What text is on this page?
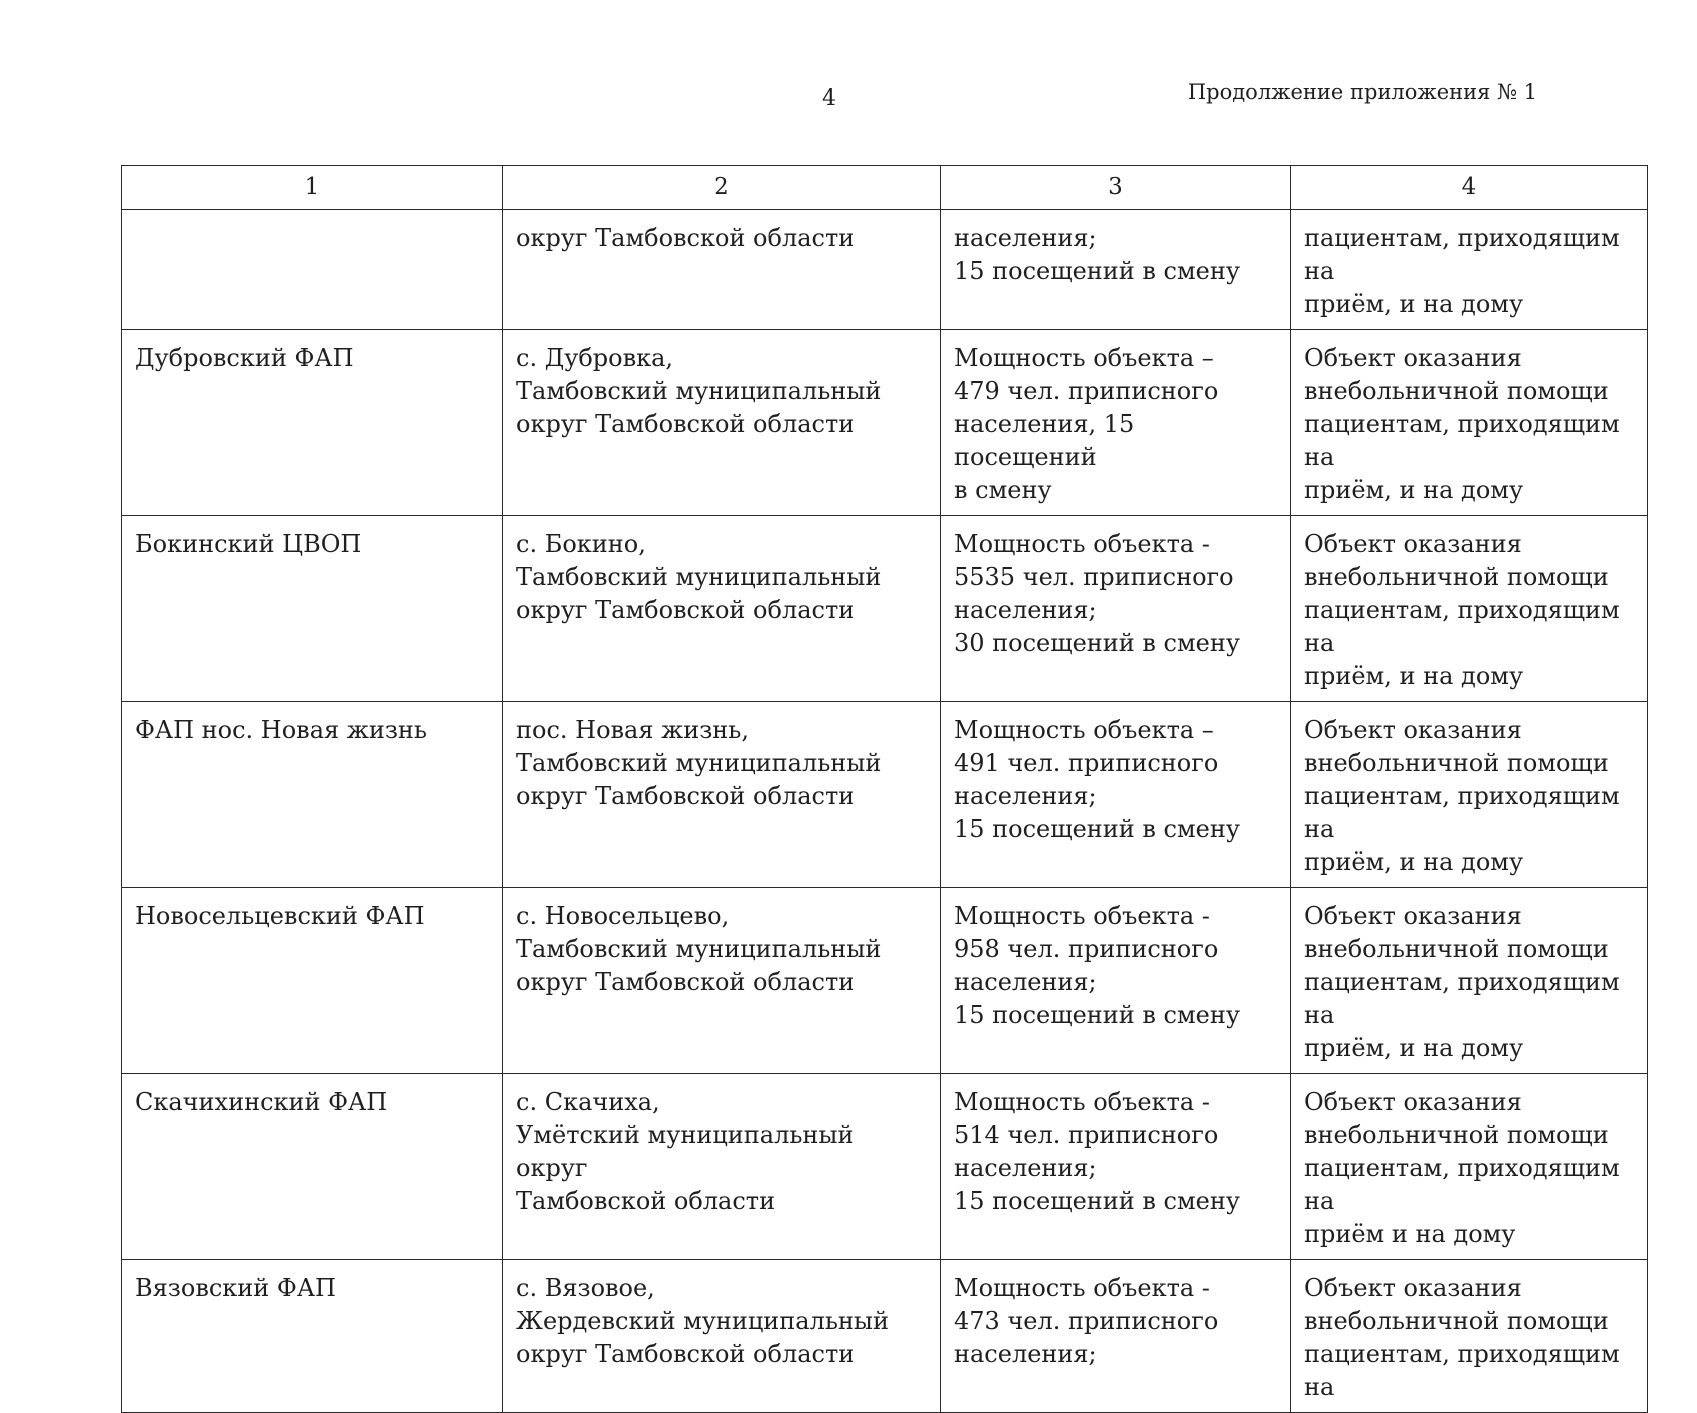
4	Продолжение приложения № 1
1	2	3	4
	округ Тамбовской области	населения;
15 посещений в смену	пациентам, приходящим на
приём, и на дому
Дубровский ФАП	с. Дубровка,
Тамбовский муниципальный
округ Тамбовской области	Мощность объекта –
479 чел. приписного
населения, 15 посещений
в смену	Объект оказания
внебольничной помощи
пациентам, приходящим на
приём, и на дому
Бокинский ЦВОП	с. Бокино,
Тамбовский муниципальный
округ Тамбовской области	Мощность объекта -
5535 чел. приписного
населения;
30 посещений в смену	Объект оказания
внебольничной помощи
пациентам, приходящим на
приём, и на дому
ФАП нос. Новая жизнь	пос. Новая жизнь,
Тамбовский муниципальный
округ Тамбовской области	Мощность объекта –
491 чел. приписного
населения;
15 посещений в смену	Объект оказания
внебольничной помощи
пациентам, приходящим на
приём, и на дому
Новосельцевский ФАП	с. Новосельцево,
Тамбовский муниципальный
округ Тамбовской области	Мощность объекта -
958 чел. приписного
населения;
15 посещений в смену	Объект оказания
внебольничной помощи
пациентам, приходящим на
приём, и на дому
Скачихинский ФАП	с. Скачиха,
Умётский муниципальный округ
Тамбовской области	Мощность объекта -
514 чел. приписного
населения;
15 посещений в смену	Объект оказания
внебольничной помощи
пациентам, приходящим на
приём и на дому
Вязовский ФАП	с. Вязовое,
Жердевский муниципальный
округ Тамбовской области	Мощность объекта -
473 чел. приписного
населения;	Объект оказания
внебольничной помощи
пациентам, приходящим на
